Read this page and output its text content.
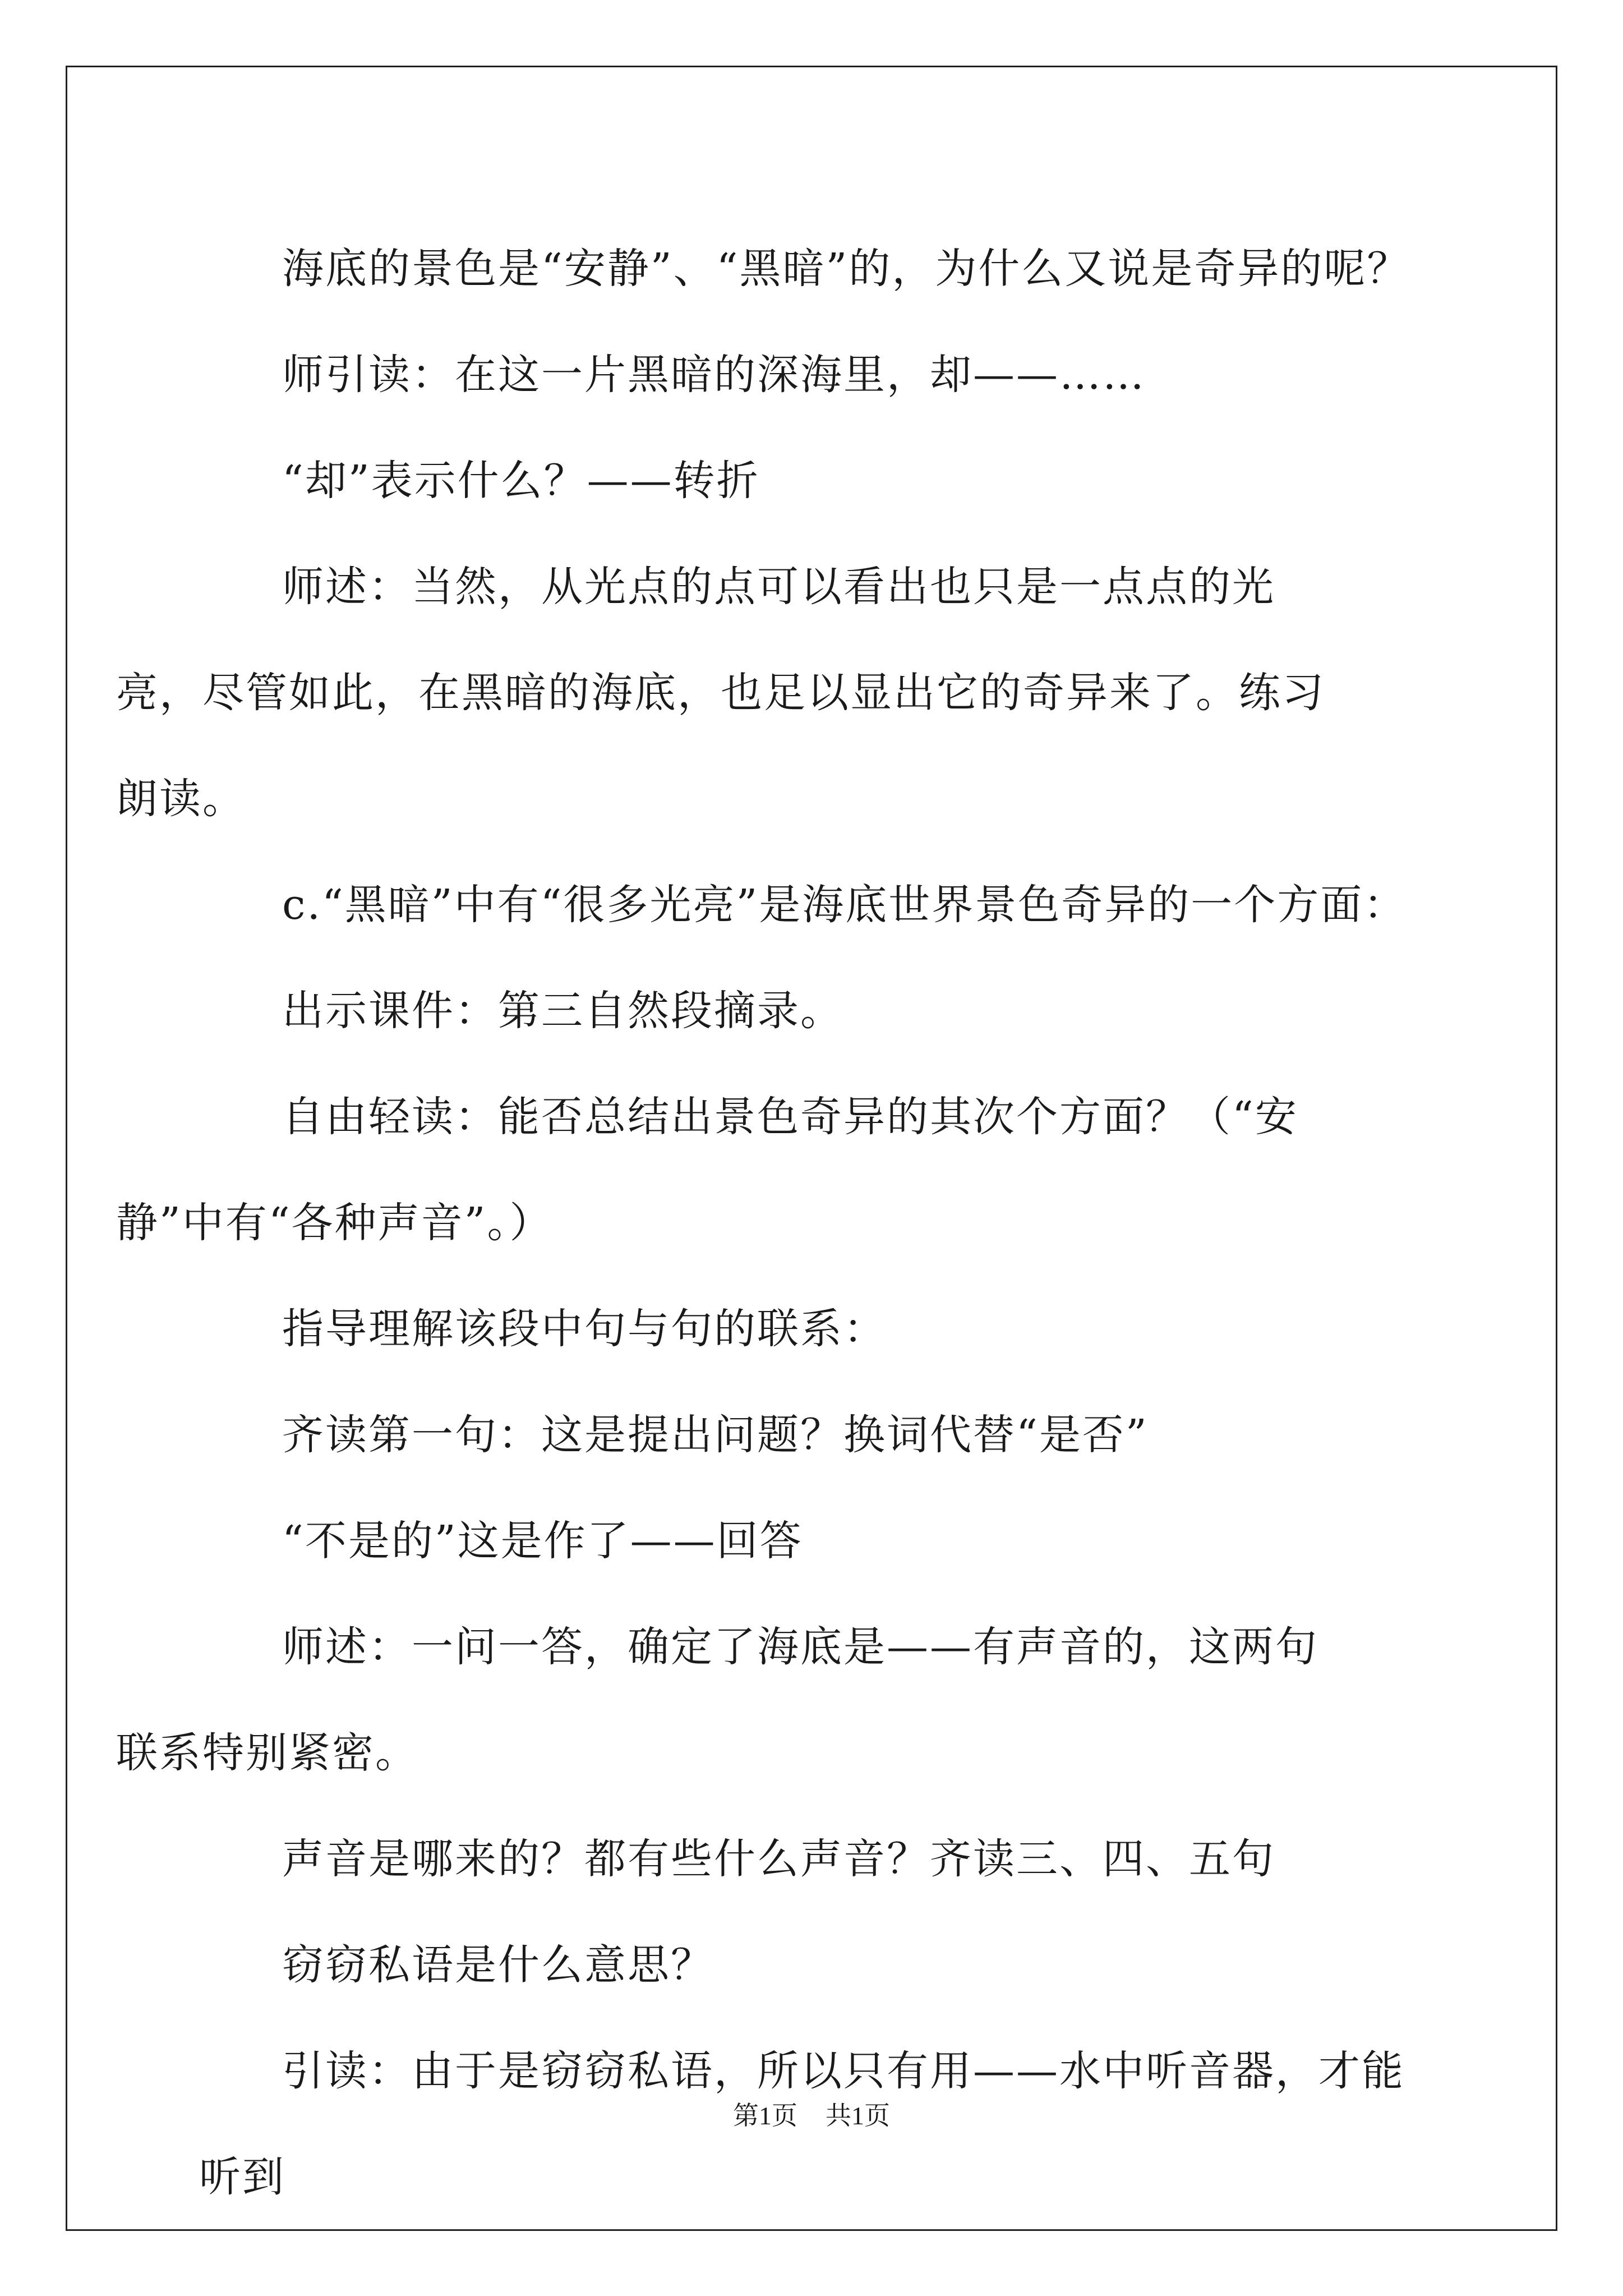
海底的景色是“安静”、“黑暗”的，为什么又说是奇异的呢？

师引读：在这一片黑暗的深海里，却——……

“却”表示什么？——转折

师述：当然，从光点的点可以看出也只是一点点的光亮，尽管如此，在黑暗的海底，也足以显出它的奇异来了。练习朗读。

c.“黑暗”中有“很多光亮”是海底世界景色奇异的一个方面：

出示课件：第三自然段摘录。

自由轻读：能否总结出景色奇异的其次个方面？（“安静”中有“各种声音”。）

指导理解该段中句与句的联系：

齐读第一句：这是提出问题？换词代替“是否”

“不是的”这是作了——回答

师述：一问一答，确定了海底是——有声音的，这两句联系特别紧密。

声音是哪来的？都有些什么声音？齐读三、四、五句

窃窃私语是什么意思？

引读：由于是窃窃私语，所以只有用——水中听音器，才能听到

第1页 共1页
